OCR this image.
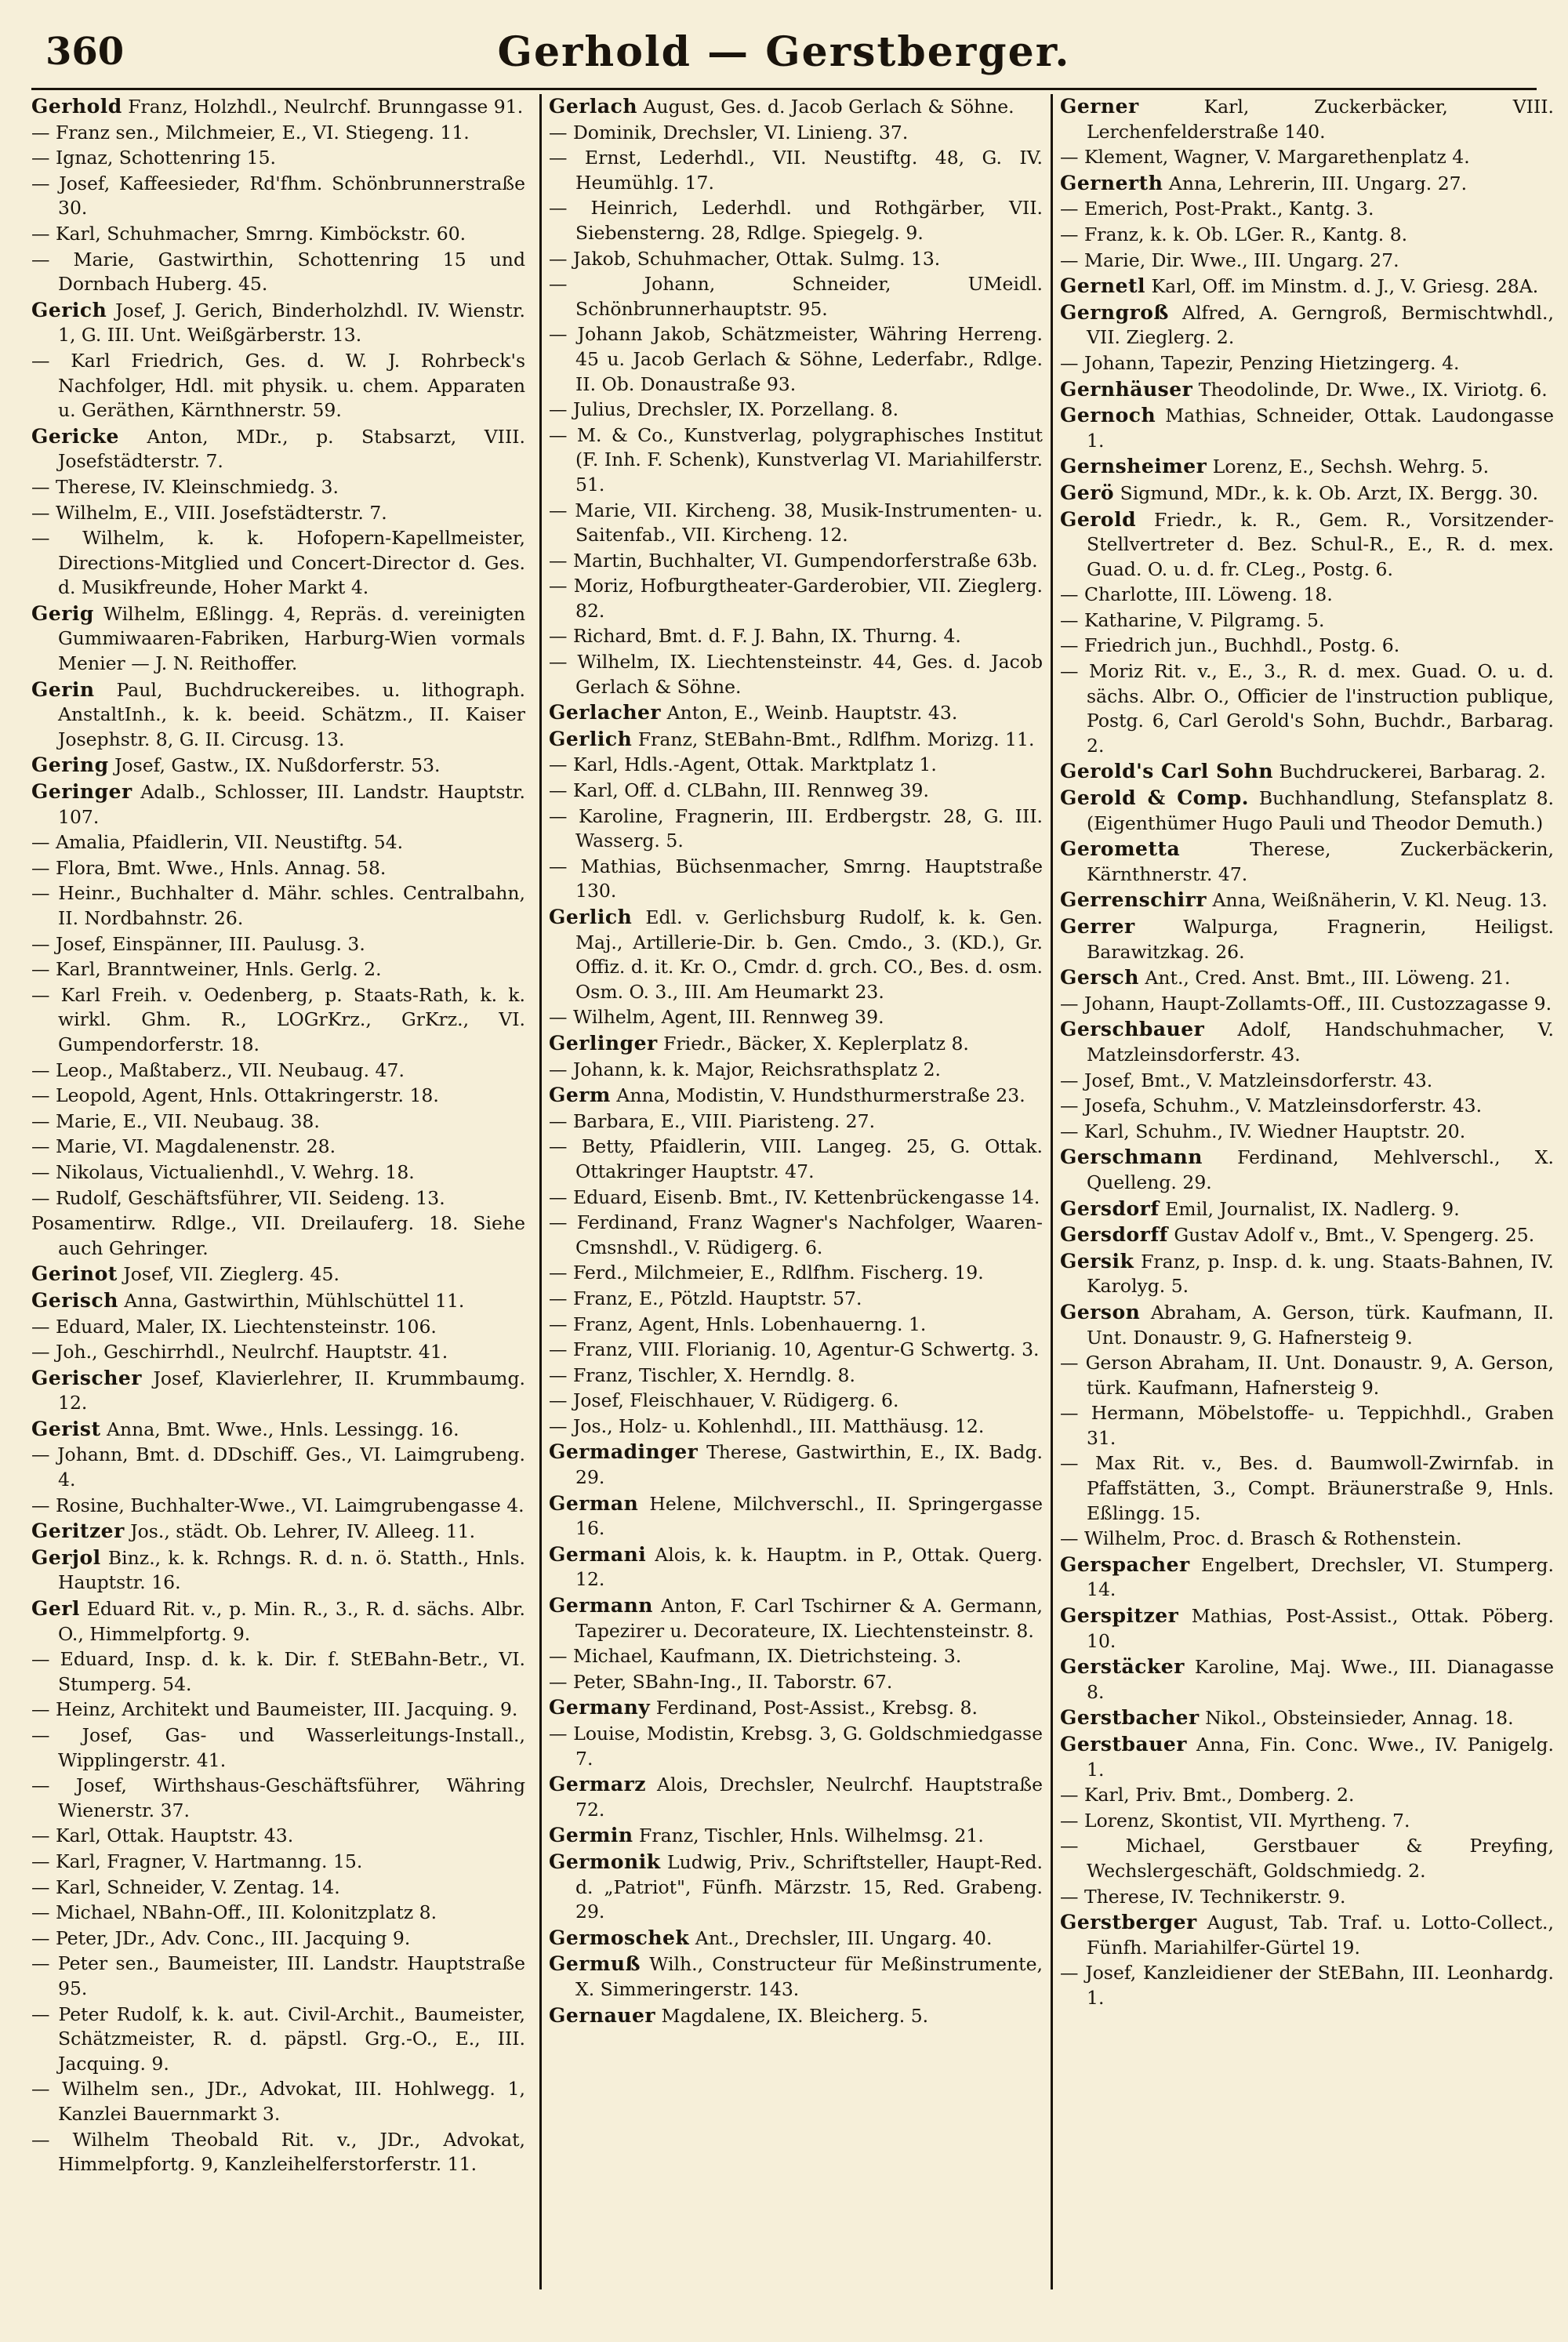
360	Gerhold — Gerstberger.

Gerhold Franz, Holzhdl., Neulrchf. Brunngasse 91.

— Franz sen., Milchmeier, E., VI. Stiegeng. 11.

— Ignaz, Schottenring 15.

— Josef, Kaffeesieder, Rd'fhm. Schönbrunnerstraße 30.

— Karl, Schuhmacher, Smrng. Kimböckstr. 60.

— Marie, Gastwirthin, Schottenring 15 und Dornbach Huberg. 45.

Gerich Josef, J. Gerich, Binderholzhdl. IV. Wienstr. 1, G. III. Unt. Weißgärberstr. 13.

— Karl Friedrich, Ges. d. W. J. Rohrbeck's Nachfolger, Hdl. mit physik. u. chem. Apparaten u. Geräthen, Kärnthnerstr. 59.

Gericke Anton, MDr., p. Stabsarzt, VIII. Josefstädterstr. 7.

— Therese, IV. Kleinschmiedg. 3.

— Wilhelm, E., VIII. Josefstädterstr. 7.

— Wilhelm, k. k. Hofopern-Kapellmeister, Directions-Mitglied und Concert-Director d. Ges. d. Musikfreunde, Hoher Markt 4.

Gerig Wilhelm, Eßlingg. 4, Repräs. d. vereinigten Gummiwaaren-Fabriken, Harburg-Wien vormals Menier — J. N. Reithoffer.

Gerin Paul, Buchdruckereibes. u. lithograph. AnstaltInh., k. k. beeid. Schätzm., II. Kaiser Josephstr. 8, G. II. Circusg. 13.

Gering Josef, Gastw., IX. Nußdorferstr. 53.

Geringer Adalb., Schlosser, III. Landstr. Hauptstr. 107.

— Amalia, Pfaidlerin, VII. Neustiftg. 54.

— Flora, Bmt. Wwe., Hnls. Annag. 58.

— Heinr., Buchhalter d. Mähr. schles. Centralbahn, II. Nordbahnstr. 26.

— Josef, Einspänner, III. Paulusg. 3.

— Karl, Branntweiner, Hnls. Gerlg. 2.

— Karl Freih. v. Oedenberg, p. Staats-Rath, k. k. wirkl. Ghm. R., LOGrKrz., GrKrz., VI. Gumpendorferstr. 18.

— Leop., Maßtaberz., VII. Neubaug. 47.

— Leopold, Agent, Hnls. Ottakringerstr. 18.

— Marie, E., VII. Neubaug. 38.

— Marie, VI. Magdalenenstr. 28.

— Nikolaus, Victualienhdl., V. Wehrg. 18.

— Rudolf, Geschäftsführer, VII. Seideng. 13.

Posamentirw. Rdlge., VII. Dreilauferg. 18. Siehe auch Gehringer.

Gerinot Josef, VII. Zieglerg. 45.

Gerisch Anna, Gastwirthin, Mühlschüttel 11.

— Eduard, Maler, IX. Liechtensteinstr. 106.

— Joh., Geschirrhdl., Neulrchf. Hauptstr. 41.

Gerischer Josef, Klavierlehrer, II. Krummbaumg. 12.

Gerist Anna, Bmt. Wwe., Hnls. Lessingg. 16.

— Johann, Bmt. d. DDschiff. Ges., VI. Laimgrubeng. 4.

— Rosine, Buchhalter-Wwe., VI. Laimgrubengasse 4.

Geritzer Jos., städt. Ob. Lehrer, IV. Alleeg. 11.

Gerjol Binz., k. k. Rchngs. R. d. n. ö. Statth., Hnls. Hauptstr. 16.

Gerl Eduard Rit. v., p. Min. R., 3., R. d. sächs. Albr. O., Himmelpfortg. 9.

— Eduard, Insp. d. k. k. Dir. f. StEBahn-Betr., VI. Stumperg. 54.

— Heinz, Architekt und Baumeister, III. Jacquing. 9.

— Josef, Gas- und Wasserleitungs-Install., Wipplingerstr. 41.

— Josef, Wirthshaus-Geschäftsführer, Währing Wienerstr. 37.

— Karl, Ottak. Hauptstr. 43.

— Karl, Fragner, V. Hartmanng. 15.

— Karl, Schneider, V. Zentag. 14.

— Michael, NBahn-Off., III. Kolonitzplatz 8.

— Peter, JDr., Adv. Conc., III. Jacquing 9.

— Peter sen., Baumeister, III. Landstr. Hauptstraße 95.

— Peter Rudolf, k. k. aut. Civil-Archit., Baumeister, Schätzmeister, R. d. päpstl. Grg.-O., E., III. Jacquing. 9.

— Wilhelm sen., JDr., Advokat, III. Hohlwegg. 1, Kanzlei Bauernmarkt 3.

— Wilhelm Theobald Rit. v., JDr., Advokat, Himmelpfortg. 9, Kanzleihelferstorferstr. 11.

Gerlach August, Ges. d. Jacob Gerlach & Söhne.

— Dominik, Drechsler, VI. Linieng. 37.

— Ernst, Lederhdl., VII. Neustiftg. 48, G. IV. Heumühlg. 17.

— Heinrich, Lederhdl. und Rothgärber, VII. Siebensterng. 28, Rdlge. Spiegelg. 9.

— Jakob, Schuhmacher, Ottak. Sulmg. 13.

— Johann, Schneider, UMeidl. Schönbrunnerhauptstr. 95.

— Johann Jakob, Schätzmeister, Währing Herreng. 45 u. Jacob Gerlach & Söhne, Lederfabr., Rdlge. II. Ob. Donaustraße 93.

— Julius, Drechsler, IX. Porzellang. 8.

— M. & Co., Kunstverlag, polygraphisches Institut (F. Inh. F. Schenk), Kunstverlag VI. Mariahilferstr. 51.

— Marie, VII. Kircheng. 38, Musik-Instrumenten- u. Saitenfab., VII. Kircheng. 12.

— Martin, Buchhalter, VI. Gumpendorferstraße 63b.

— Moriz, Hofburgtheater-Garderobier, VII. Zieglerg. 82.

— Richard, Bmt. d. F. J. Bahn, IX. Thurng. 4.

— Wilhelm, IX. Liechtensteinstr. 44, Ges. d. Jacob Gerlach & Söhne.

Gerlacher Anton, E., Weinb. Hauptstr. 43.

Gerlich Franz, StEBahn-Bmt., Rdlfhm. Morizg. 11.

— Karl, Hdls.-Agent, Ottak. Marktplatz 1.

— Karl, Off. d. CLBahn, III. Rennweg 39.

— Karoline, Fragnerin, III. Erdbergstr. 28, G. III. Wasserg. 5.

— Mathias, Büchsenmacher, Smrng. Hauptstraße 130.

Gerlich Edl. v. Gerlichsburg Rudolf, k. k. Gen. Maj., Artillerie-Dir. b. Gen. Cmdo., 3. (KD.), Gr. Offiz. d. it. Kr. O., Cmdr. d. grch. CO., Bes. d. osm. Osm. O. 3., III. Am Heumarkt 23.

— Wilhelm, Agent, III. Rennweg 39.

Gerlinger Friedr., Bäcker, X. Keplerplatz 8.

— Johann, k. k. Major, Reichsrathsplatz 2.

Germ Anna, Modistin, V. Hundsthurmerstraße 23.

— Barbara, E., VIII. Piaristeng. 27.

— Betty, Pfaidlerin, VIII. Langeg. 25, G. Ottak. Ottakringer Hauptstr. 47.

— Eduard, Eisenb. Bmt., IV. Kettenbrückengasse 14.

— Ferdinand, Franz Wagner's Nachfolger, Waaren-Cmsnshdl., V. Rüdigerg. 6.

— Ferd., Milchmeier, E., Rdlfhm. Fischerg. 19.

— Franz, E., Pötzld. Hauptstr. 57.

— Franz, Agent, Hnls. Lobenhauerng. 1.

— Franz, VIII. Florianig. 10, Agentur-G Schwertg. 3.

— Franz, Tischler, X. Herndlg. 8.

— Josef, Fleischhauer, V. Rüdigerg. 6.

— Jos., Holz- u. Kohlenhdl., III. Matthäusg. 12.

Germadinger Therese, Gastwirthin, E., IX. Badg. 29.

German Helene, Milchverschl., II. Springergasse 16.

Germani Alois, k. k. Hauptm. in P., Ottak. Querg. 12.

Germann Anton, F. Carl Tschirner & A. Germann, Tapezirer u. Decorateure, IX. Liechtensteinstr. 8.

— Michael, Kaufmann, IX. Dietrichsteing. 3.

— Peter, SBahn-Ing., II. Taborstr. 67.

Germany Ferdinand, Post-Assist., Krebsg. 8.

— Louise, Modistin, Krebsg. 3, G. Goldschmiedgasse 7.

Germarz Alois, Drechsler, Neulrchf. Hauptstraße 72.

Germin Franz, Tischler, Hnls. Wilhelmsg. 21.

Germonik Ludwig, Priv., Schriftsteller, Haupt-Red. d. „Patriot", Fünfh. Märzstr. 15, Red. Grabeng. 29.

Germoschek Ant., Drechsler, III. Ungarg. 40.

Germuß Wilh., Constructeur für Meßinstrumente, X. Simmeringerstr. 143.

Gernauer Magdalene, IX. Bleicherg. 5.

Gerner	Karl, Zuckerbäcker, VIII. Lerchenfelderstraße 140.

— Klement, Wagner, V. Margarethenplatz 4.

Gernerth Anna, Lehrerin, III. Ungarg. 27.

— Emerich, Post-Prakt., Kantg. 3.

— Franz, k. k. Ob. LGer. R., Kantg. 8.

— Marie, Dir. Wwe., III. Ungarg. 27.

Gernetl Karl, Off. im Minstm. d. J., V. Griesg. 28A.

Gerngroß Alfred, A. Gerngroß, Bermischtwhdl., VII. Zieglerg. 2.

— Johann, Tapezir, Penzing Hietzingerg. 4.

Gernhäuser Theodolinde, Dr. Wwe., IX. Viriotg. 6.

Gernoch Mathias, Schneider, Ottak. Laudongasse 1.

Gernsheimer Lorenz, E., Sechsh. Wehrg. 5.

Gerö Sigmund, MDr., k. k. Ob. Arzt, IX. Bergg. 30.

Gerold Friedr., k. R., Gem. R., Vorsitzender-Stellvertreter d. Bez. Schul-R., E., R. d. mex. Guad. O. u. d. fr. CLeg., Postg. 6.

— Charlotte, III. Löweng. 18.

— Katharine, V. Pilgramg. 5.

— Friedrich jun., Buchhdl., Postg. 6.

— Moriz Rit. v., E., 3., R. d. mex. Guad. O. u. d. sächs. Albr. O., Officier de l'instruction publique, Postg. 6, Carl Gerold's Sohn, Buchdr., Barbarag. 2.

Gerold's Carl Sohn Buchdruckerei, Barbarag. 2.

Gerold & Comp. Buchhandlung, Stefansplatz 8. (Eigenthümer Hugo Pauli und Theodor Demuth.)

Gerometta	Therese, Zuckerbäckerin, Kärnthnerstr. 47.

Gerrenschirr Anna, Weißnäherin, V. Kl. Neug. 13.

Gerrer	Walpurga, Fragnerin, Heiligst. Barawitzkag. 26.

Gersch Ant., Cred. Anst. Bmt., III. Löweng. 21.

— Johann, Haupt-Zollamts-Off., III. Custozzagasse 9.

Gerschbauer Adolf, Handschuhmacher, V. Matzleinsdorferstr. 43.

— Josef, Bmt., V. Matzleinsdorferstr. 43.

— Josefa, Schuhm., V. Matzleinsdorferstr. 43.

— Karl, Schuhm., IV. Wiedner Hauptstr. 20.

Gerschmann Ferdinand, Mehlverschl., X. Quelleng. 29.

Gersdorf Emil, Journalist, IX. Nadlerg. 9.

Gersdorff Gustav Adolf v., Bmt., V. Spengerg. 25.

Gersik Franz, p. Insp. d. k. ung. Staats-Bahnen, IV. Karolyg. 5.

Gerson Abraham, A. Gerson, türk. Kaufmann, II. Unt. Donaustr. 9, G. Hafnersteig 9.

— Gerson Abraham, II. Unt. Donaustr. 9, A. Gerson, türk. Kaufmann, Hafnersteig 9.

— Hermann, Möbelstoffe- u. Teppichhdl., Graben 31.

— Max Rit. v., Bes. d. Baumwoll-Zwirnfab. in Pfaffstätten, 3., Compt. Bräunerstraße 9, Hnls. Eßlingg. 15.

— Wilhelm, Proc. d. Brasch & Rothenstein.

Gerspacher Engelbert, Drechsler, VI. Stumperg. 14.

Gerspitzer Mathias, Post-Assist., Ottak. Pöberg. 10.

Gerstäcker Karoline, Maj. Wwe., III. Dianagasse 8.

Gerstbacher Nikol., Obsteinsieder, Annag. 18.

Gerstbauer Anna, Fin. Conc. Wwe., IV. Panigelg. 1.

— Karl, Priv. Bmt., Domberg. 2.

— Lorenz, Skontist, VII. Myrtheng. 7.

— Michael, Gerstbauer & Preyfing, Wechslergeschäft, Goldschmiedg. 2.

— Therese, IV. Technikerstr. 9.

Gerstberger August, Tab. Traf. u. Lotto-Collect., Fünfh. Mariahilfer-Gürtel 19.

— Josef, Kanzleidiener der StEBahn, III. Leonhardg. 1.
